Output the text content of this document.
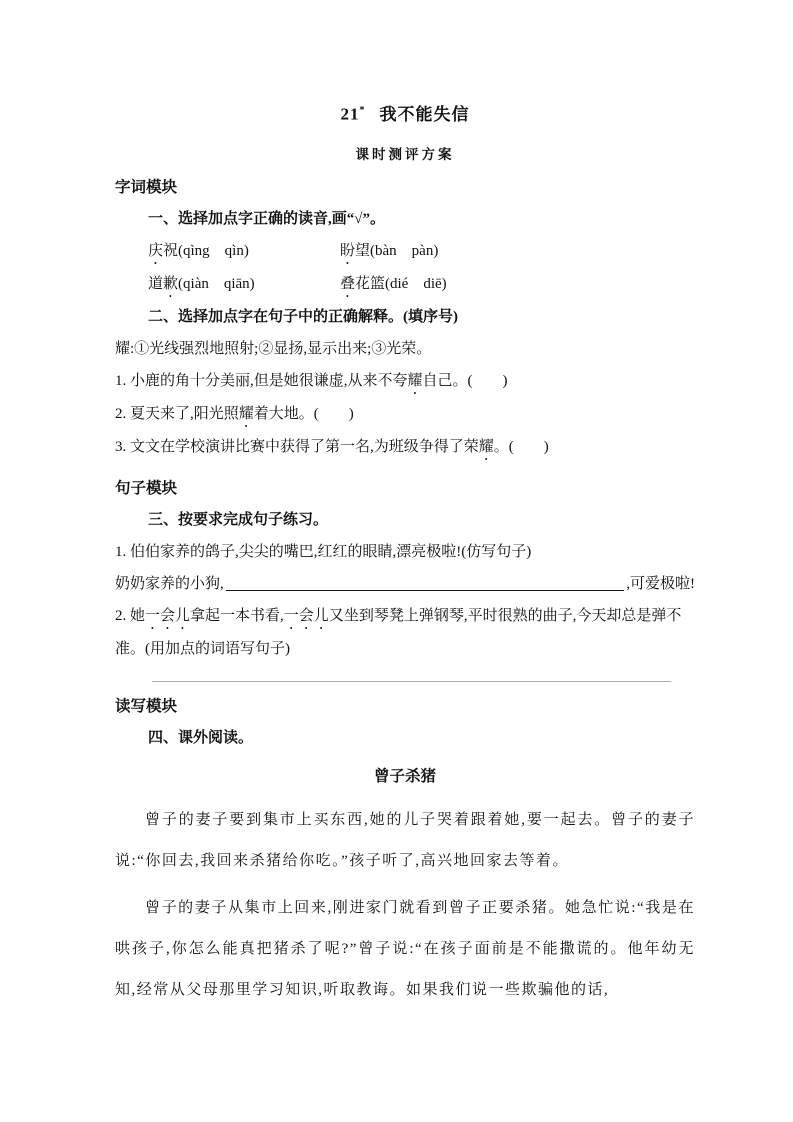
21* 我不能失信
课时测评方案
字词模块
一、选择加点字正确的读音,画“√”。
庆祝(qìng　qìn)	盼望(bàn　pàn)
道歉(qiàn　qiān)	叠花篮(dié　diē)
二、选择加点字在句子中的正确解释。(填序号)
耀:①光线强烈地照射;②显扬,显示出来;③光荣。
1. 小鹿的角十分美丽,但是她很谦虚,从来不夸耀自己。(　　)
2. 夏天来了,阳光照耀着大地。(　　)
3. 文文在学校演讲比赛中获得了第一名,为班级争得了荣耀。(　　)
句子模块
三、按要求完成句子练习。
1. 伯伯家养的鸽子,尖尖的嘴巴,红红的眼睛,漂亮极啦!(仿写句子)
奶奶家养的小狗,	,可爱极啦!
2. 她一会儿拿起一本书看,一会儿又坐到琴凳上弹钢琴,平时很熟的曲子,今天却总是弹不准。(用加点的词语写句子)
读写模块
四、课外阅读。
曾子杀猪

曾子的妻子要到集市上买东西,她的儿子哭着跟着她,要一起去。曾子的妻子说:“你回去,我回来杀猪给你吃。”孩子听了,高兴地回家去等着。

曾子的妻子从集市上回来,刚进家门就看到曾子正要杀猪。她急忙说:“我是在哄孩子,你怎么能真把猪杀了呢?”曾子说:“在孩子面前是不能撒谎的。他年幼无知,经常从父母那里学习知识,听取教诲。如果我们说一些欺骗他的话,
